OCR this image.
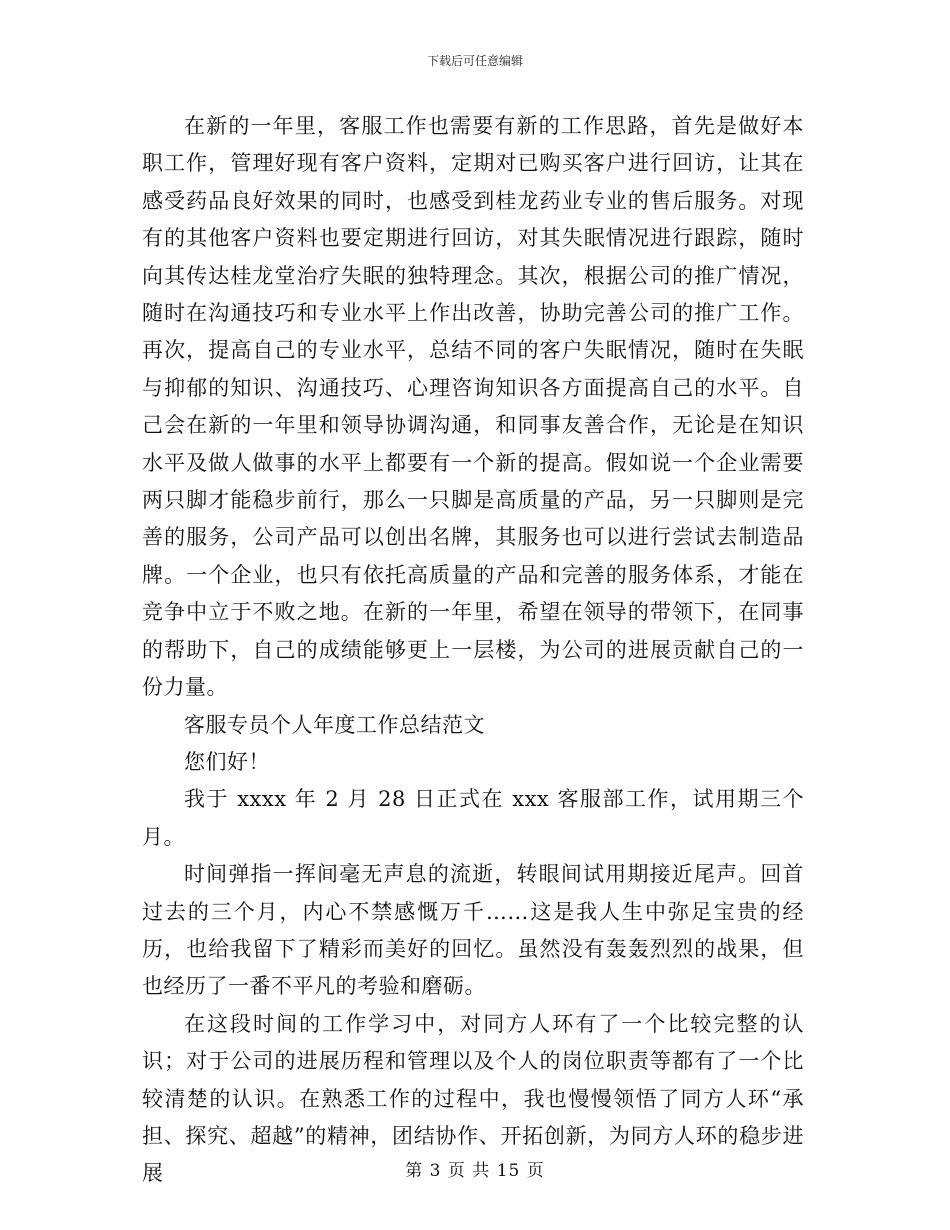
下载后可任意编辑

在新的一年里，客服工作也需要有新的工作思路，首先是做好本职工作，管理好现有客户资料，定期对已购买客户进行回访，让其在感受药品良好效果的同时，也感受到桂龙药业专业的售后服务。对现有的其他客户资料也要定期进行回访，对其失眠情况进行跟踪，随时向其传达桂龙堂治疗失眠的独特理念。其次，根据公司的推广情况，随时在沟通技巧和专业水平上作出改善，协助完善公司的推广工作。再次，提高自己的专业水平，总结不同的客户失眠情况，随时在失眠与抑郁的知识、沟通技巧、心理咨询知识各方面提高自己的水平。自己会在新的一年里和领导协调沟通，和同事友善合作，无论是在知识水平及做人做事的水平上都要有一个新的提高。假如说一个企业需要两只脚才能稳步前行，那么一只脚是高质量的产品，另一只脚则是完善的服务，公司产品可以创出名牌，其服务也可以进行尝试去制造品牌。一个企业，也只有依托高质量的产品和完善的服务体系，才能在竞争中立于不败之地。在新的一年里，希望在领导的带领下，在同事的帮助下，自己的成绩能够更上一层楼，为公司的进展贡献自己的一份力量。

客服专员个人年度工作总结范文

您们好！

我于 xxxx 年 2 月 28 日正式在 xxx 客服部工作，试用期三个月。

时间弹指一挥间毫无声息的流逝，转眼间试用期接近尾声。回首过去的三个月，内心不禁感慨万千……这是我人生中弥足宝贵的经历，也给我留下了精彩而美好的回忆。虽然没有轰轰烈烈的战果，但也经历了一番不平凡的考验和磨砺。

在这段时间的工作学习中，对同方人环有了一个比较完整的认识；对于公司的进展历程和管理以及个人的岗位职责等都有了一个比较清楚的认识。在熟悉工作的过程中，我也慢慢领悟了同方人环“承担、探究、超越”的精神，团结协作、开拓创新，为同方人环的稳步进展	第 3 页 共 15 页
